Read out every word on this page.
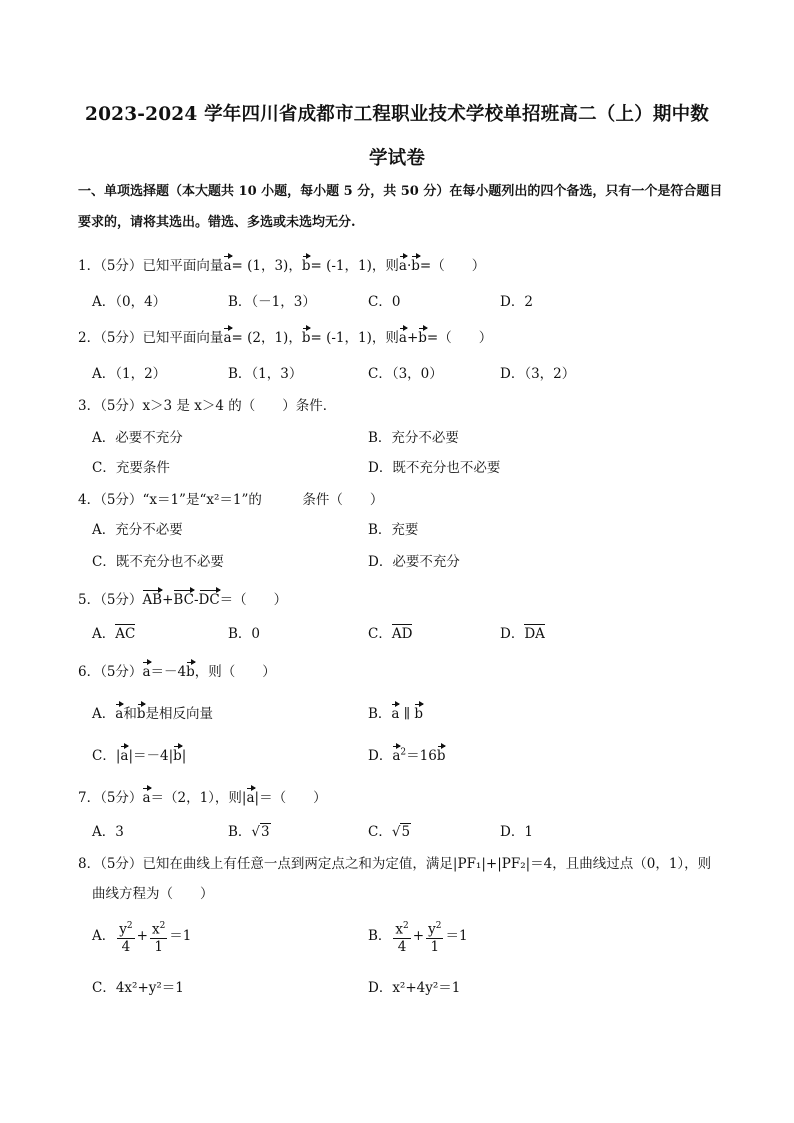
2023-2024 学年四川省成都市工程职业技术学校单招班高二（上）期中数
学试卷
一、单项选择题（本大题共 10 小题，每小题 5 分，共 50 分）在每小题列出的四个备选，只有一个是符合题目要求的，请将其选出。错选、多选或未选均无分.
1．（5分）已知平面向量a= (1，3)，b= (-1，1)，则a·b=（　　）
A．（0，4）	B．（－1，3）	C．0	D．2
2．（5分）已知平面向量a= (2，1)，b= (-1，1)，则a+b=（　　）
A．（1，2）	B．（1，3）	C．（3，0）	D．（3，2）
3．（5分）x＞3 是 x＞4 的（　　）条件．
A．必要不充分	B．充分不必要
C．充要条件	D．既不充分也不必要
4．（5分）“x＝1”是“x²＝1”的　　　条件（　　）
A．充分不必要	B．充要
C．既不充分也不必要	D．必要不充分
5．（5分）AB+BC-DC＝（　　）
A．AC	B．0	C．AD	D．DA
6．（5分）a＝－4b，则（　　）
A．a和b是相反向量	B．a ∥ b
C．|a|＝－4|b|	D．$a^2=16b$
7．（5分）a＝（2，1），则|a|＝（　　）
A．3	B．√3	C．√5	D．1
8．（5分）已知在曲线上有任意一点到两定点之和为定值，满足|PF₁|+|PF₂|＝4，且曲线过点（0，1），则
曲线方程为（　　）
A． $\frac{y^2}{4} + \frac{x^2}{1} =1$	B． $\frac{x^2}{4} + \frac{y^2}{1} =1$
C．4x²+y²＝1	D．x²+4y²＝1
